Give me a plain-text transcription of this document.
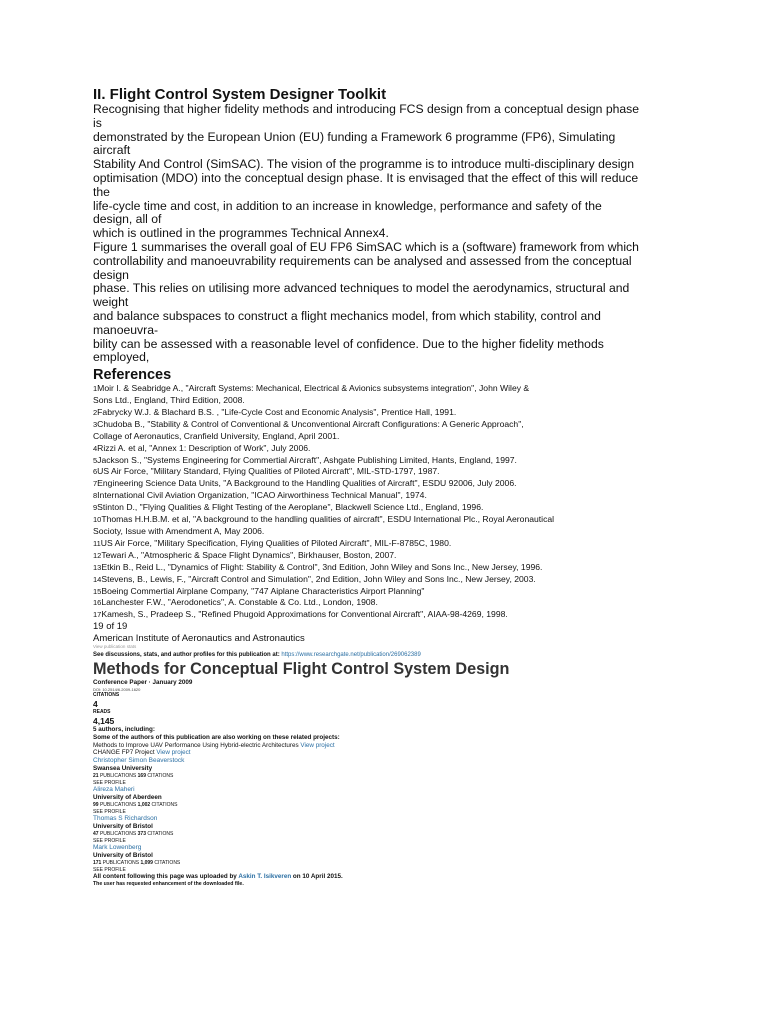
II. Flight Control System Designer Toolkit

Recognising that higher fidelity methods and introducing FCS design from a conceptual design phase

is

demonstrated by the European Union (EU) funding a Framework 6 programme (FP6), Simulating

aircraft

Stability And Control (SimSAC). The vision of the programme is to introduce multi-disciplinary design

optimisation (MDO) into the conceptual design phase. It is envisaged that the effect of this will reduce

the

life-cycle time and cost, in addition to an increase in knowledge, performance and safety of the

design, all of

which is outlined in the programmes Technical Annex4.

Figure 1 summarises the overall goal of EU FP6 SimSAC which is a (software) framework from which

controllability and manoeuvrability requirements can be analysed and assessed from the conceptual

design

phase. This relies on utilising more advanced techniques to model the aerodynamics, structural and

weight

and balance subspaces to construct a flight mechanics model, from which stability, control and

manoeuvra-

bility can be assessed with a reasonable level of confidence. Due to the higher fidelity methods

employed,

References

1Moir I. & Seabridge A., "Aircraft Systems: Mechanical, Electrical & Avionics subsystems integration", John Wiley &

Sons Ltd., England, Third Edition, 2008.

2Fabrycky W.J. & Blachard B.S. , "Life-Cycle Cost and Economic Analysis", Prentice Hall, 1991.

3Chudoba B., "Stability & Control of Conventional & Unconventional Aircraft Configurations: A Generic Approach",

Collage of Aeronautics, Cranfield University, England, April 2001.

4Rizzi A. et al, "Annex 1: Description of Work", July 2006.

5Jackson S., "Systems Engineering for Commertial Aircraft", Ashgate Publishing Limited, Hants, England, 1997.

6US Air Force, "Military Standard, Flying Qualities of Piloted Aircraft", MIL-STD-1797, 1987.

7Engineering Science Data Units, "A Background to the Handling Qualities of Aircraft", ESDU 92006, July 2006.

8International Civil Aviation Organization, "ICAO Airworthiness Technical Manual", 1974.

9Stinton D., "Flying Qualities & Flight Testing of the Aeroplane", Blackwell Science Ltd., England, 1996.

10Thomas H.H.B.M. et al, "A background to the handling qualities of aircraft", ESDU International Plc., Royal Aeronautical

Socioty, Issue with Amendment A, May 2006.

11US Air Force, "Military Specification, Flying Qualities of Piloted Aircraft", MIL-F-8785C, 1980.

12Tewari A., "Atmospheric & Space Flight Dynamics", Birkhauser, Boston, 2007.

13Etkin B., Reid L., "Dynamics of Flight: Stability & Control", 3nd Edition, John Wiley and Sons Inc., New Jersey, 1996.

14Stevens, B., Lewis, F., "Aircraft Control and Simulation", 2nd Edition, John Wiley and Sons Inc., New Jersey, 2003.

15Boeing Commertial Airplane Company, "747 Aiplane Characteristics Airport Planning"

16Lanchester F.W., "Aerodonetics", A. Constable & Co. Ltd., London, 1908.

17Kamesh, S., Pradeep S., "Refined Phugoid Approximations for Conventional Aircraft", AIAA-98-4269, 1998.

19 of 19

American Institute of Aeronautics and Astronautics

View publication stats

See discussions, stats, and author profiles for this publication at: https://www.researchgate.net/publication/269062389

Methods for Conceptual Flight Control System Design

Conference Paper · January 2009

DOI: 10.2514/6.2009-1620

CITATIONS

4

READS

4,145

5 authors, including:

Some of the authors of this publication are also working on these related projects:

Methods to Improve UAV Performance Using Hybrid-electric Architectures View project

CHANGE FP7 Project View project

Christopher Simon Beaverstock

Swansea University

21 PUBLICATIONS 169 CITATIONS

SEE PROFILE

Alireza Maheri

University of Aberdeen

99 PUBLICATIONS 1,002 CITATIONS

SEE PROFILE

Thomas S Richardson

University of Bristol

47 PUBLICATIONS 373 CITATIONS

SEE PROFILE

Mark Lowenberg

University of Bristol

171 PUBLICATIONS 1,099 CITATIONS

SEE PROFILE

All content following this page was uploaded by Askin T. Isikveren on 10 April 2015.

The user has requested enhancement of the downloaded file.
